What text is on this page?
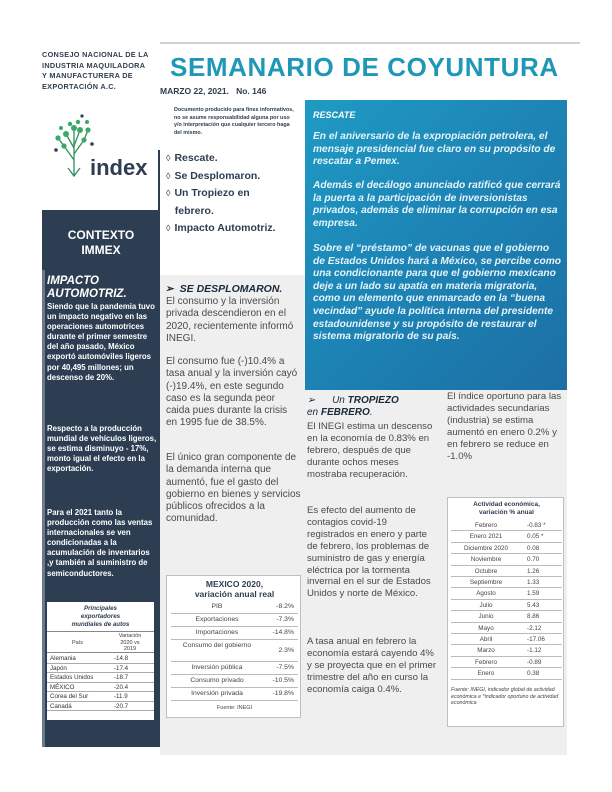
CONSEJO NACIONAL DE LA
INDUSTRIA MAQUILADORA
Y MANUFACTURERA DE
EXPORTACIÓN A.C.
SEMANARIO DE COYUNTURA
MARZO 22, 2021. No. 146
Documento producido para fines informativos, no se asume responsabilidad alguna por uso y/o interpretación que cualquier tercero haga del mismo.
index ◊ Rescate.
◊ Se Desplomaron.
◊ Un Tropiezo en
febrero.
◊ Impacto Automotriz.
CONTEXTO
IMMEX
IMPACTO
AUTOMOTRIZ.
Siendo que la pandemia tuvo un impacto negativo en las operaciones automotrices durante el primer semestre del año pasado, México exportó automóviles ligeros por 40,495 millones; un descenso de 20%.
Respecto a la producción mundial de vehículos ligeros, se estima disminuyo - 17%, monto igual el efecto en la exportación.
Para el 2021 tanto la producción como las ventas internacionales se ven condicionadas a la acumulación de inventarios ,y también al suministro de semiconductores.
Principales
exportadores
mundiales de autos
País
Variación
2020 vs
2019
Alemania	-14.8
Japón	-17.4
Estados Unidos	-18.7
MÉXICO	-20.4
Corea del Sur	-11.9
Canadá	-20.7
➢ SE DESPLOMARON.
El consumo y la inversión privada descendieron en el 2020, recientemente informó INEGI.
El consumo fue (-)10.4% a tasa anual y la inversión cayó (-)19.4%, en este segundo caso es la segunda peor caida pues durante la crisis en 1995 fue de 38.5%.
El único gran componente de la demanda interna que aumentó, fue el gasto del gobierno en bienes y servicios públicos ofrecidos a la comunidad.
MEXICO 2020,
variación anual real
PIB	-8.2%
Exportaciones	-7.3%
Importaciones	-14.8%
Consumo del gobierno
2.3%
Inversión pública	-7.5%
Consumo privado	-10.5%
Inversión privada	-19.8%
Fuente: INEGI
RESCATE
En el aniversario de la expropiación petrolera, el mensaje presidencial fue claro en su propósito de rescatar a Pemex.
Además el decálogo anunciado ratificó que cerrará la puerta a la participación de inversionistas privados, además de eliminar la corrupción en esa empresa.
Sobre el “préstamo” de vacunas que el gobierno de Estados Unidos hará a México, se percibe como una condicionante para que el gobierno mexicano deje a un lado su apatía en materia migratoria, como un elemento que enmarcado en la “buena vecindad” ayude la política interna del presidente estadounidense y su propósito de restaurar el sistema migratorio de su país.
➢ Un TROPIEZO
en FEBRERO.
El INEGI estima un descenso en la economía de 0.83% en febrero, después de que durante ochos meses mostraba recuperación.
Es efecto del aumento de contagios covid-19 registrados en enero y parte de febrero, los problemas de suministro de gas y energía eléctrica por la tormenta invernal en el sur de Estados Unidos y norte de México.
A tasa anual en febrero la economía estará cayendo 4% y se proyecta que en el primer trimestre del año en curso la economía caiga 0.4%.
El índice oportuno para las actividades secundarias (industria) se estima aumentó en enero 0.2% y en febrero se reduce en -1.0%
Actividad económica,
variación % anual
Febrero	-0.83 *
Enero 2021	0.05 *
Diciembre 2020	0.08
Noviembre	0.70
Octubre	1.26
Septiembre	1.33
Agosto	1.59
Julio	5.43
Junio	8.86
Mayo	-2.12
Abril	-17.06
Marzo	-1.12
Febrero	-0.89
Enero	0.38
Fuente: INEGI, indicador global de actividad económica e *indicador oportuno de actividad económica
